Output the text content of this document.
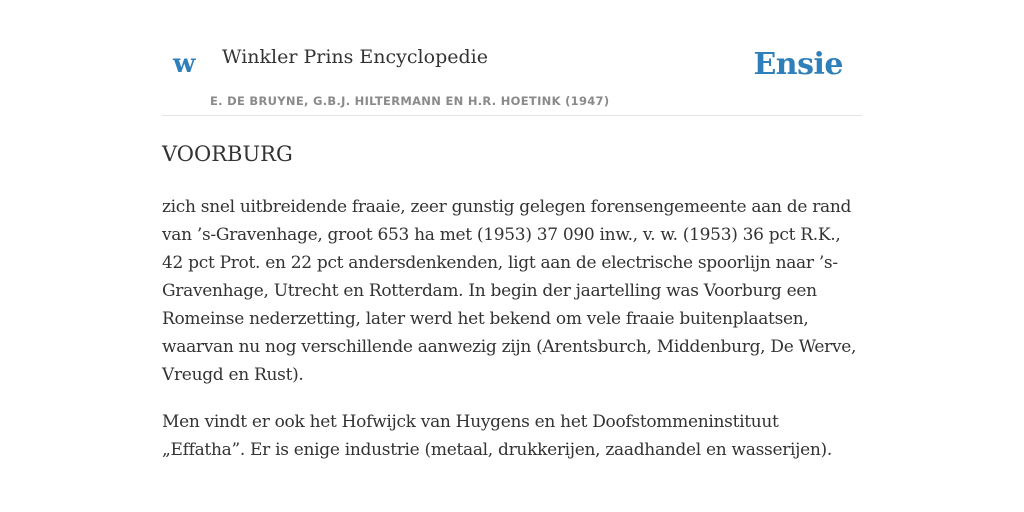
w Winkler Prins Encyclopedie
E. DE BRUYNE, G.B.J. HILTERMANN EN H.R. HOETINK (1947)
Ensie
VOORBURG

zich snel uitbreidende fraaie, zeer gunstig gelegen forensengemeente aan de rand van ’s-Gravenhage, groot 653 ha met (1953) 37 090 inw., v. w. (1953) 36 pct R.K., 42 pct Prot. en 22 pct andersdenkenden, ligt aan de electrische spoorlijn naar ’s-Gravenhage, Utrecht en Rotterdam. In begin der jaartelling was Voorburg een Romeinse nederzetting, later werd het bekend om vele fraaie buitenplaatsen, waarvan nu nog verschillende aanwezig zijn (Arentsburch, Middenburg, De Werve, Vreugd en Rust).

Men vindt er ook het Hofwijck van Huygens en het Doofstommeninstituut „Effatha”. Er is enige industrie (metaal, drukkerijen, zaadhandel en wasserijen).
